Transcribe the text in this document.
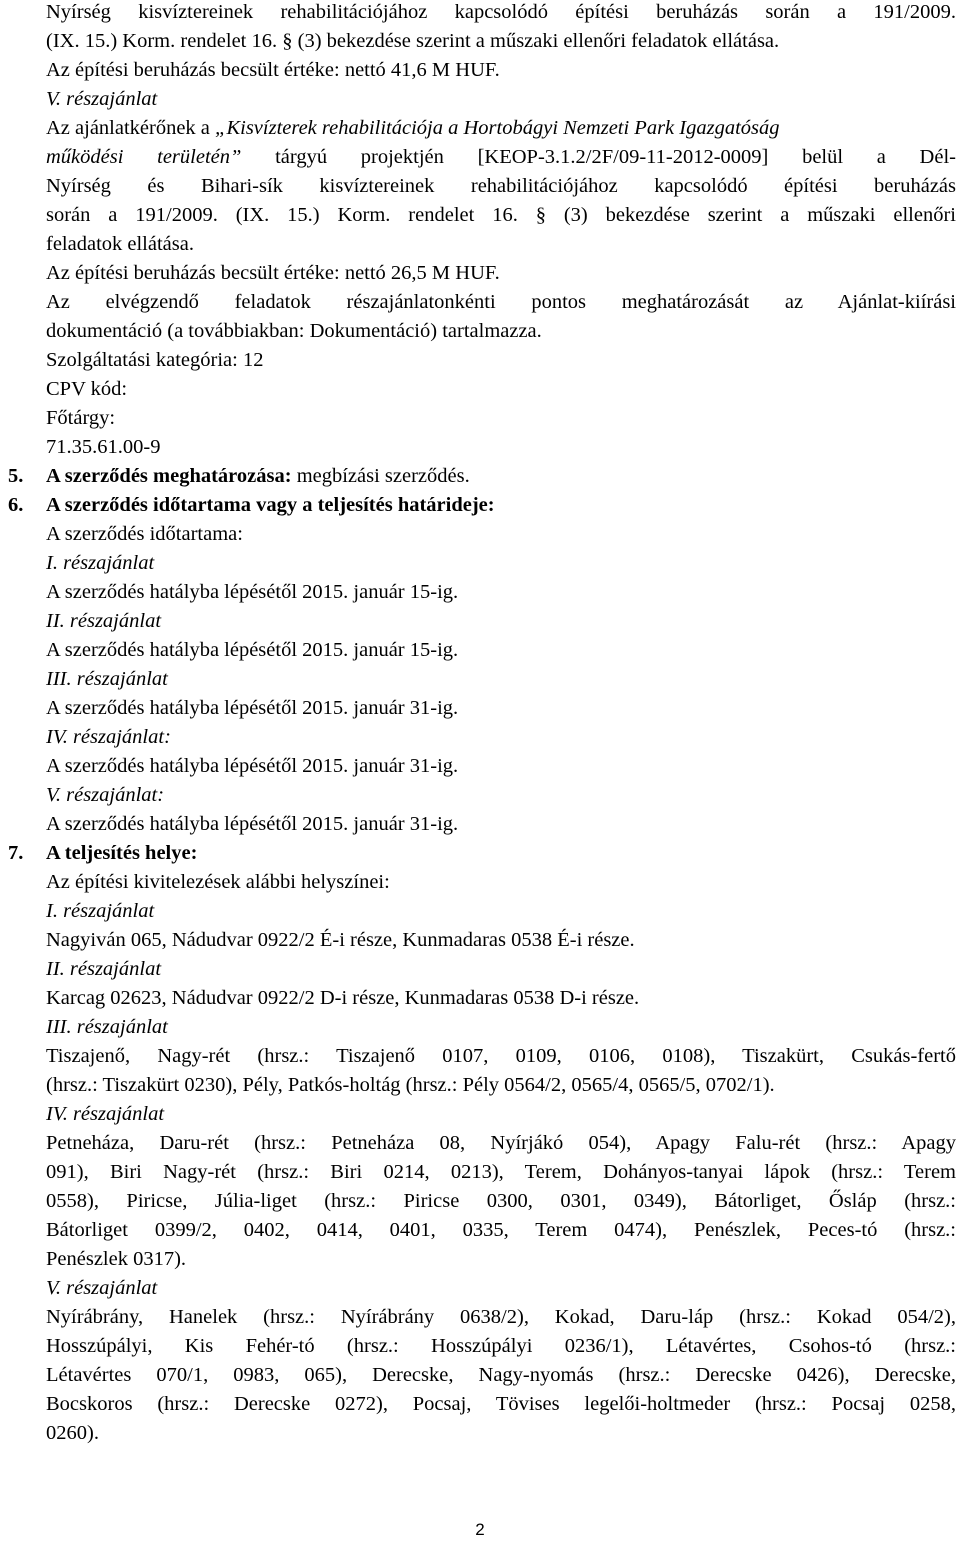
Nyírség kisvíztereinek rehabilitációjához kapcsolódó építési beruházás során a 191/2009.
(IX. 15.) Korm. rendelet 16. § (3) bekezdése szerint a műszaki ellenőri feladatok ellátása.
Az építési beruházás becsült értéke: nettó 41,6 M HUF.
V. részajánlat
Az ajánlatkérőnek a „Kisvízterek rehabilitációja a Hortobágyi Nemzeti Park Igazgatóság
működési területén” tárgyú projektjén [KEOP-3.1.2/2F/09-11-2012-0009] belül a Dél-
Nyírség és Bihari-sík kisvíztereinek rehabilitációjához kapcsolódó építési beruházás
során a 191/2009. (IX. 15.) Korm. rendelet 16. § (3) bekezdése szerint a műszaki ellenőri
feladatok ellátása.
Az építési beruházás becsült értéke: nettó 26,5 M HUF.
Az elvégzendő feladatok részajánlatonkénti pontos meghatározását az Ajánlat-kiírási
dokumentáció (a továbbiakban: Dokumentáció) tartalmazza.
Szolgáltatási kategória: 12
CPV kód:
Főtárgy:
71.35.61.00-9
5. A szerződés meghatározása: megbízási szerződés.
6. A szerződés időtartama vagy a teljesítés határideje:
A szerződés időtartama:
I. részajánlat
A szerződés hatályba lépésétől 2015. január 15-ig.
II. részajánlat
A szerződés hatályba lépésétől 2015. január 15-ig.
III. részajánlat
A szerződés hatályba lépésétől 2015. január 31-ig.
IV. részajánlat:
A szerződés hatályba lépésétől 2015. január 31-ig.
V. részajánlat:
A szerződés hatályba lépésétől 2015. január 31-ig.
7. A teljesítés helye:
Az építési kivitelezések alábbi helyszínei:
I. részajánlat
Nagyiván 065, Nádudvar 0922/2 É-i része, Kunmadaras 0538 É-i része.
II. részajánlat
Karcag 02623, Nádudvar 0922/2 D-i része, Kunmadaras 0538 D-i része.
III. részajánlat
Tiszajenő, Nagy-rét (hrsz.: Tiszajenő 0107, 0109, 0106, 0108), Tiszakürt, Csukás-fertő
(hrsz.: Tiszakürt 0230), Pély, Patkós-holtág (hrsz.: Pély 0564/2, 0565/4, 0565/5, 0702/1).
IV. részajánlat
Petneháza, Daru-rét (hrsz.: Petneháza 08, Nyírjákó 054), Apagy Falu-rét (hrsz.: Apagy
091), Biri Nagy-rét (hrsz.: Biri 0214, 0213), Terem, Dohányos-tanyai lápok (hrsz.: Terem
0558), Piricse, Júlia-liget (hrsz.: Piricse 0300, 0301, 0349), Bátorliget, Ősláp (hrsz.:
Bátorliget 0399/2, 0402, 0414, 0401, 0335, Terem 0474), Penészlek, Peces-tó (hrsz.:
Penészlek 0317).
V. részajánlat
Nyírábrány, Hanelek (hrsz.: Nyírábrány 0638/2), Kokad, Daru-láp (hrsz.: Kokad 054/2),
Hosszúpályi, Kis Fehér-tó (hrsz.: Hosszúpályi 0236/1), Létavértes, Csohos-tó (hrsz.:
Létavértes 070/1, 0983, 065), Derecske, Nagy-nyomás (hrsz.: Derecske 0426), Derecske,
Bocskoros (hrsz.: Derecske 0272), Pocsaj, Tövises legelői-holtmeder (hrsz.: Pocsaj 0258,
0260).
2
